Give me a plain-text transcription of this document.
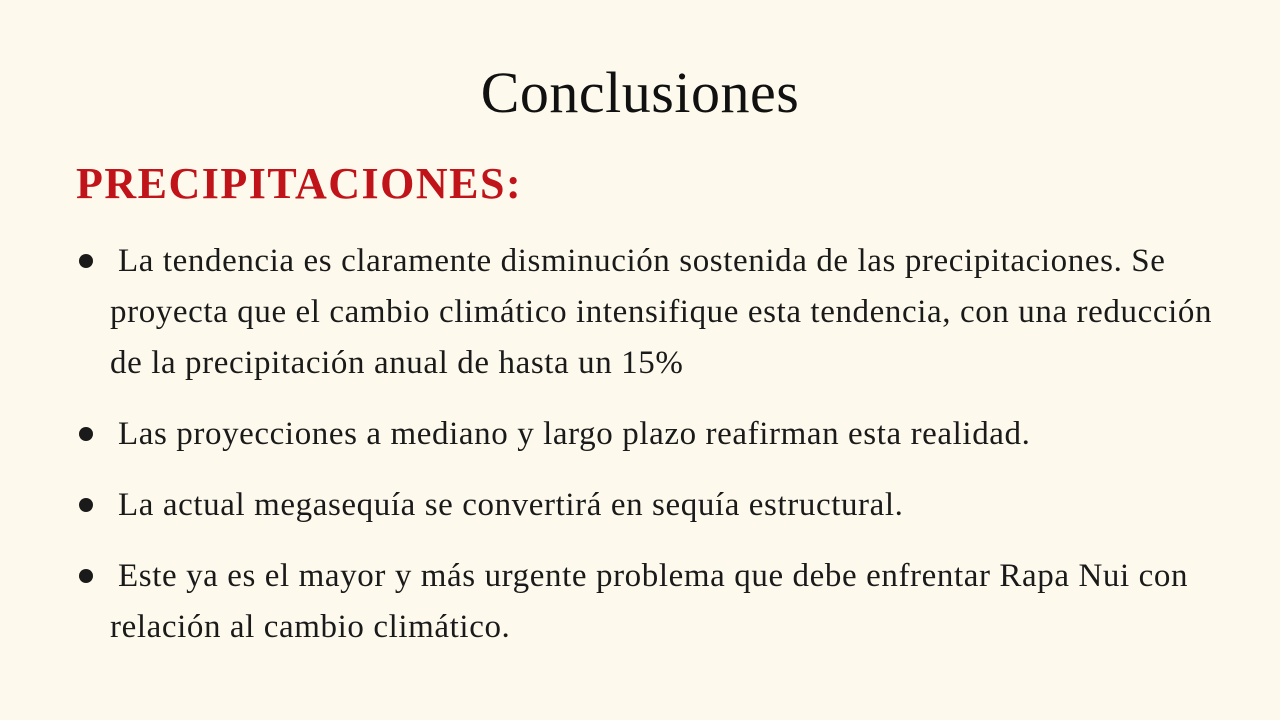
Conclusiones
PRECIPITACIONES:
La tendencia es claramente disminución sostenida de las precipitaciones. Se proyecta que el cambio climático intensifique esta tendencia, con una reducción de la precipitación anual de hasta un 15%
Las proyecciones a mediano y largo plazo reafirman esta realidad.
La actual megasequía se convertirá en sequía estructural.
Este ya es el mayor y más urgente problema que debe enfrentar Rapa Nui con relación al cambio climático.
